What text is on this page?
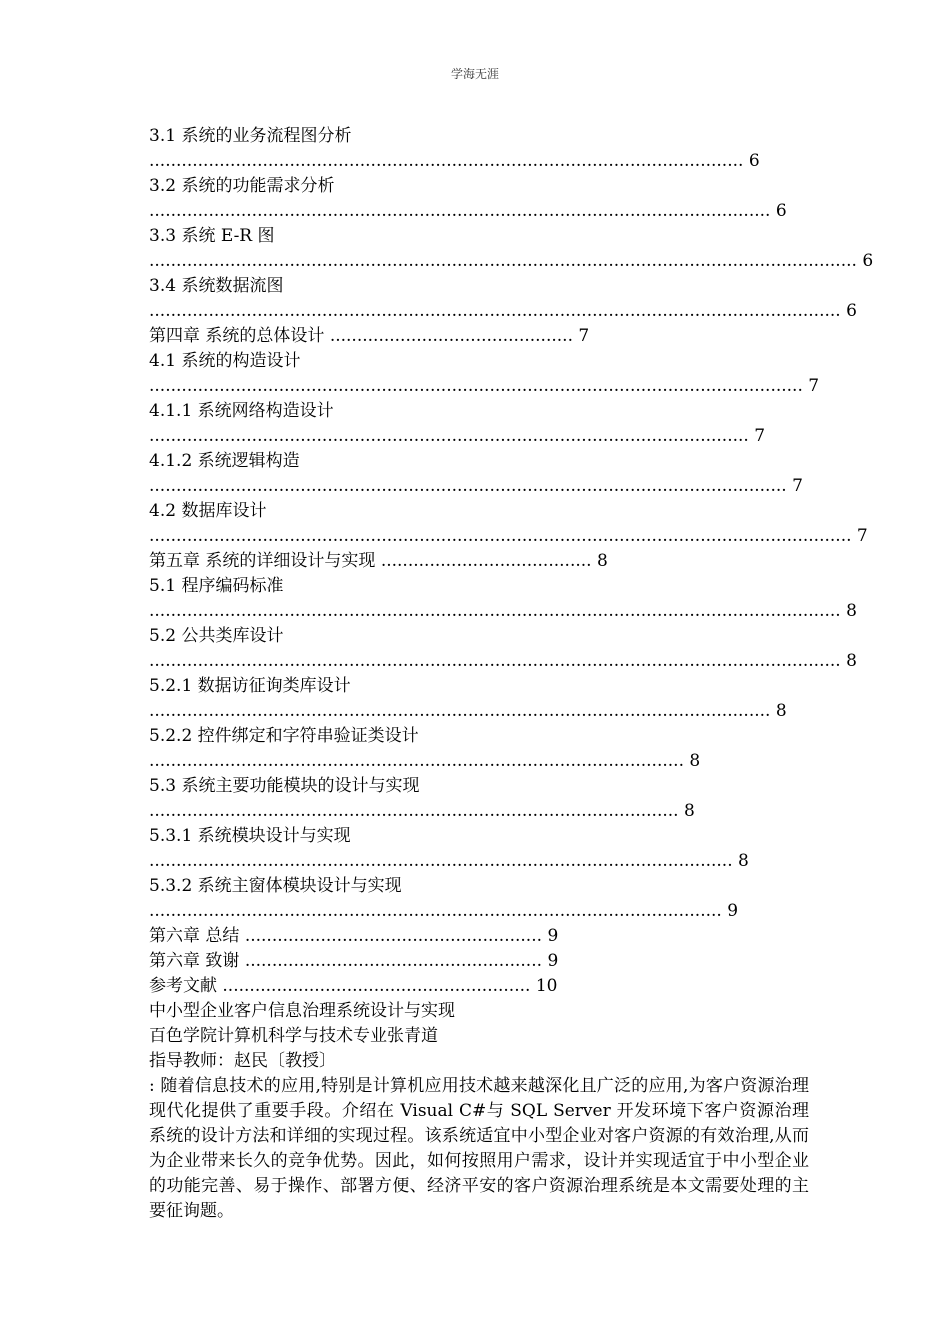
学海无涯
3.1 系统的业务流程图分析
.............................................................................................................. 6
3.2 系统的功能需求分析
................................................................................................................... 6
3.3 系统 E-R 图
................................................................................................................................... 6
3.4 系统数据流图
................................................................................................................................ 6
第四章 系统的总体设计 ............................................. 7
4.1 系统的构造设计
......................................................................................................................... 7
4.1.1 系统网络构造设计
............................................................................................................... 7
4.1.2 系统逻辑构造
...................................................................................................................... 7
4.2 数据库设计
.................................................................................................................................. 7
第五章 系统的详细设计与实现 ....................................... 8
5.1 程序编码标准
................................................................................................................................ 8
5.2 公共类库设计
................................................................................................................................ 8
5.2.1 数据访征询类库设计
................................................................................................................... 8
5.2.2 控件绑定和字符串验证类设计
................................................................................................... 8
5.3 系统主要功能模块的设计与实现
.................................................................................................. 8
5.3.1 系统模块设计与实现
............................................................................................................ 8
5.3.2 系统主窗体模块设计与实现
.......................................................................................................... 9
第六章 总结 ....................................................... 9
第六章 致谢 ....................................................... 9
参考文献 ......................................................... 10
中小型企业客户信息治理系统设计与实现
百色学院计算机科学与技术专业张青道
指导教师：赵民〔教授〕
: 随着信息技术的应用,特别是计算机应用技术越来越深化且广泛的应用,为客户资源治理现代化提供了重要手段。介绍在 Visual C#与 SQL Server 开发环境下客户资源治理系统的设计方法和详细的实现过程。该系统适宜中小型企业对客户资源的有效治理,从而为企业带来长久的竞争优势。因此，如何按照用户需求，设计并实现适宜于中小型企业的功能完善、易于操作、部署方便、经济平安的客户资源治理系统是本文需要处理的主要征询题。
